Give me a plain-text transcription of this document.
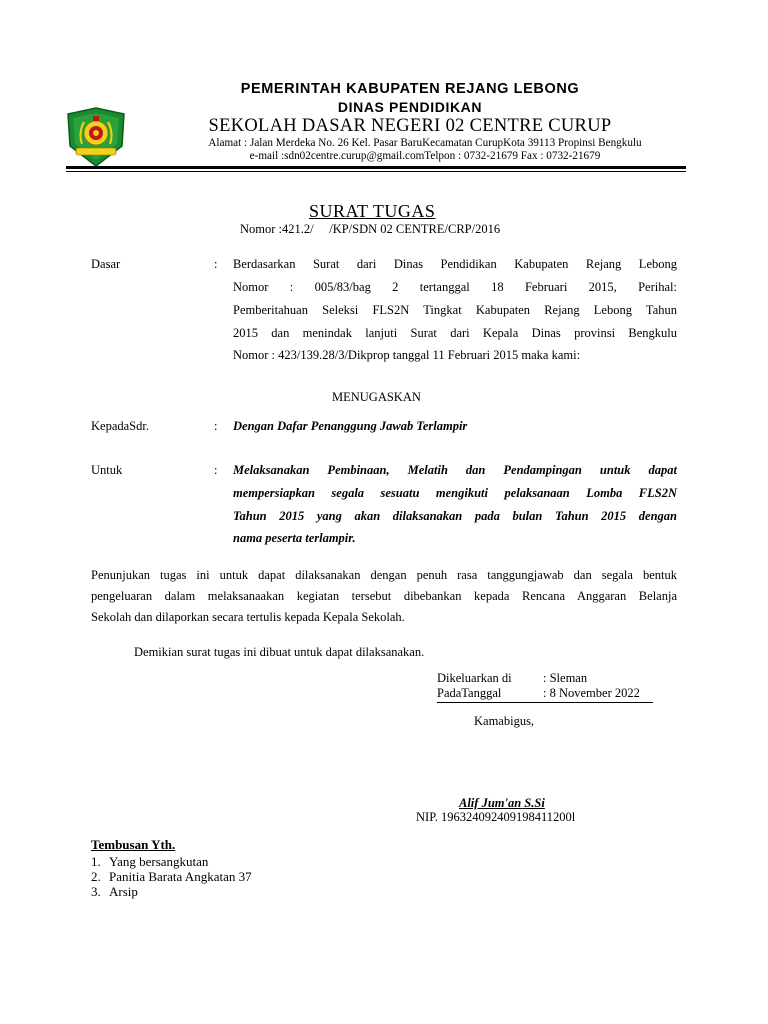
PEMERINTAH KABUPATEN REJANG LEBONG
DINAS PENDIDIKAN
SEKOLAH DASAR NEGERI 02 CENTRE CURUP
Alamat : Jalan Merdeka No. 26 Kel. Pasar BaruKecamatan CurupKota 39113 Propinsi Bengkulu
e-mail :sdn02centre.curup@gmail.comTelpon : 0732-21679 Fax : 0732-21679
SURAT TUGAS
Nomor :421.2/     /KP/SDN 02 CENTRE/CRP/2016
Dasar	: Berdasarkan Surat dari Dinas Pendidikan Kabupaten Rejang Lebong
Nomor : 005/83/bag 2 tertanggal 18 Februari 2015, Perihal:
Pemberitahuan Seleksi FLS2N Tingkat Kabupaten Rejang Lebong Tahun
2015 dan menindak lanjuti Surat dari Kepala Dinas provinsi Bengkulu
Nomor : 423/139.28/3/Dikprop tanggal 11 Februari 2015 maka kami:
MENUGASKAN
KepadaSdr.	: Dengan Dafar Penanggung Jawab Terlampir
Untuk	: Melaksanakan Pembinaan, Melatih dan Pendampingan untuk dapat
mempersiapkan segala sesuatu mengikuti pelaksanaan Lomba FLS2N
Tahun 2015 yang akan dilaksanakan pada bulan Tahun 2015 dengan
nama peserta terlampir.
Penunjukan tugas ini untuk dapat dilaksanakan dengan penuh rasa tanggungjawab dan segala bentuk
pengeluaran dalam melaksanaakan kegiatan tersebut dibebankan kepada Rencana Anggaran Belanja
Sekolah dan dilaporkan secara tertulis kepada Kepala Sekolah.
Demikian surat tugas ini dibuat untuk dapat dilaksanakan.
Dikeluarkan di	: Sleman
PadaTanggal	: 8 November 2022
Kamabigus,
Alif Jum'an S.Si
NIP. 196324092409198411200l
Tembusan Yth.
1. Yang bersangkutan
2. Panitia Barata Angkatan 37
3. Arsip
